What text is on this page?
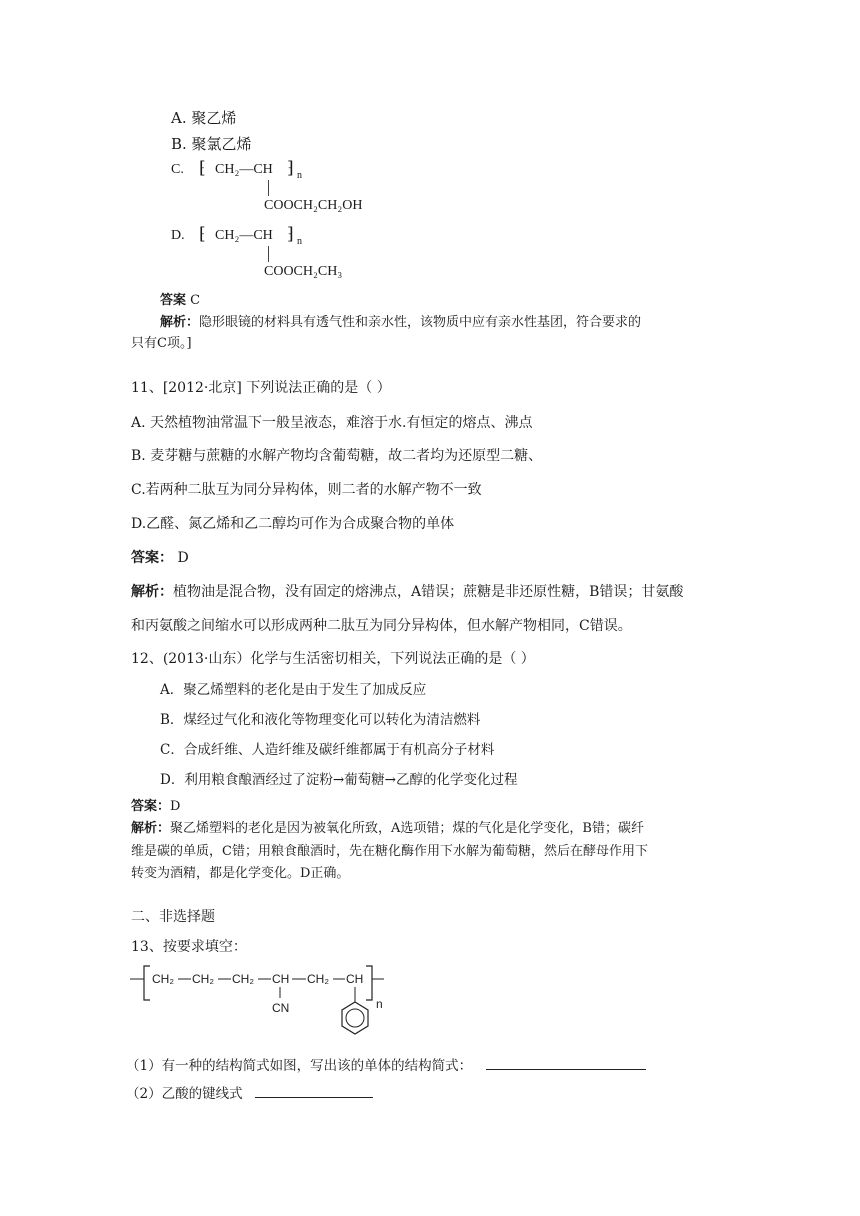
A. 聚乙烯
B. 聚氯乙烯
C. ⁅ CH₂—CH ⁆ n
COOCH₂CH₂OH
D. ⁅ CH₂—CH ⁆ n
COOCH₂CH₃
答案 C
解析：隐形眼镜的材料具有透气性和亲水性，该物质中应有亲水性基团，符合要求的
只有C项。]
11、[2012·北京] 下列说法正确的是（ ）
A. 天然植物油常温下一般呈液态，难溶于水.有恒定的熔点、沸点
B. 麦芽糖与蔗糖的水解产物均含葡萄糖，故二者均为还原型二糖、
C.若两种二肽互为同分异构体，则二者的水解产物不一致
D.乙醛、氮乙烯和乙二醇均可作为合成聚合物的单体
答案： D
解析：植物油是混合物，没有固定的熔沸点，A错误；蔗糖是非还原性糖，B错误；甘氨酸
和丙氨酸之间缩水可以形成两种二肽互为同分异构体，但水解产物相同，C错误。
12、(2013·山东）化学与生活密切相关，下列说法正确的是（ ）
A．聚乙烯塑料的老化是由于发生了加成反应
B．煤经过气化和液化等物理变化可以转化为清洁燃料
C．合成纤维、人造纤维及碳纤维都属于有机高分子材料
D．利用粮食酿酒经过了淀粉→葡萄糖→乙醇的化学变化过程
答案：D
解析：聚乙烯塑料的老化是因为被氧化所致，A选项错；煤的气化是化学变化，B错；碳纤
维是碳的单质，C错；用粮食酿酒时，先在糖化酶作用下水解为葡萄糖，然后在酵母作用下
转变为酒精，都是化学变化。D正确。
二、非选择题
13、按要求填空：
CH₂ CH₂ CH₂ CH
CN
CH₂ CH
n
（1）有一种的结构简式如图，写出该的单体的结构简式：
（2）乙酸的键线式
